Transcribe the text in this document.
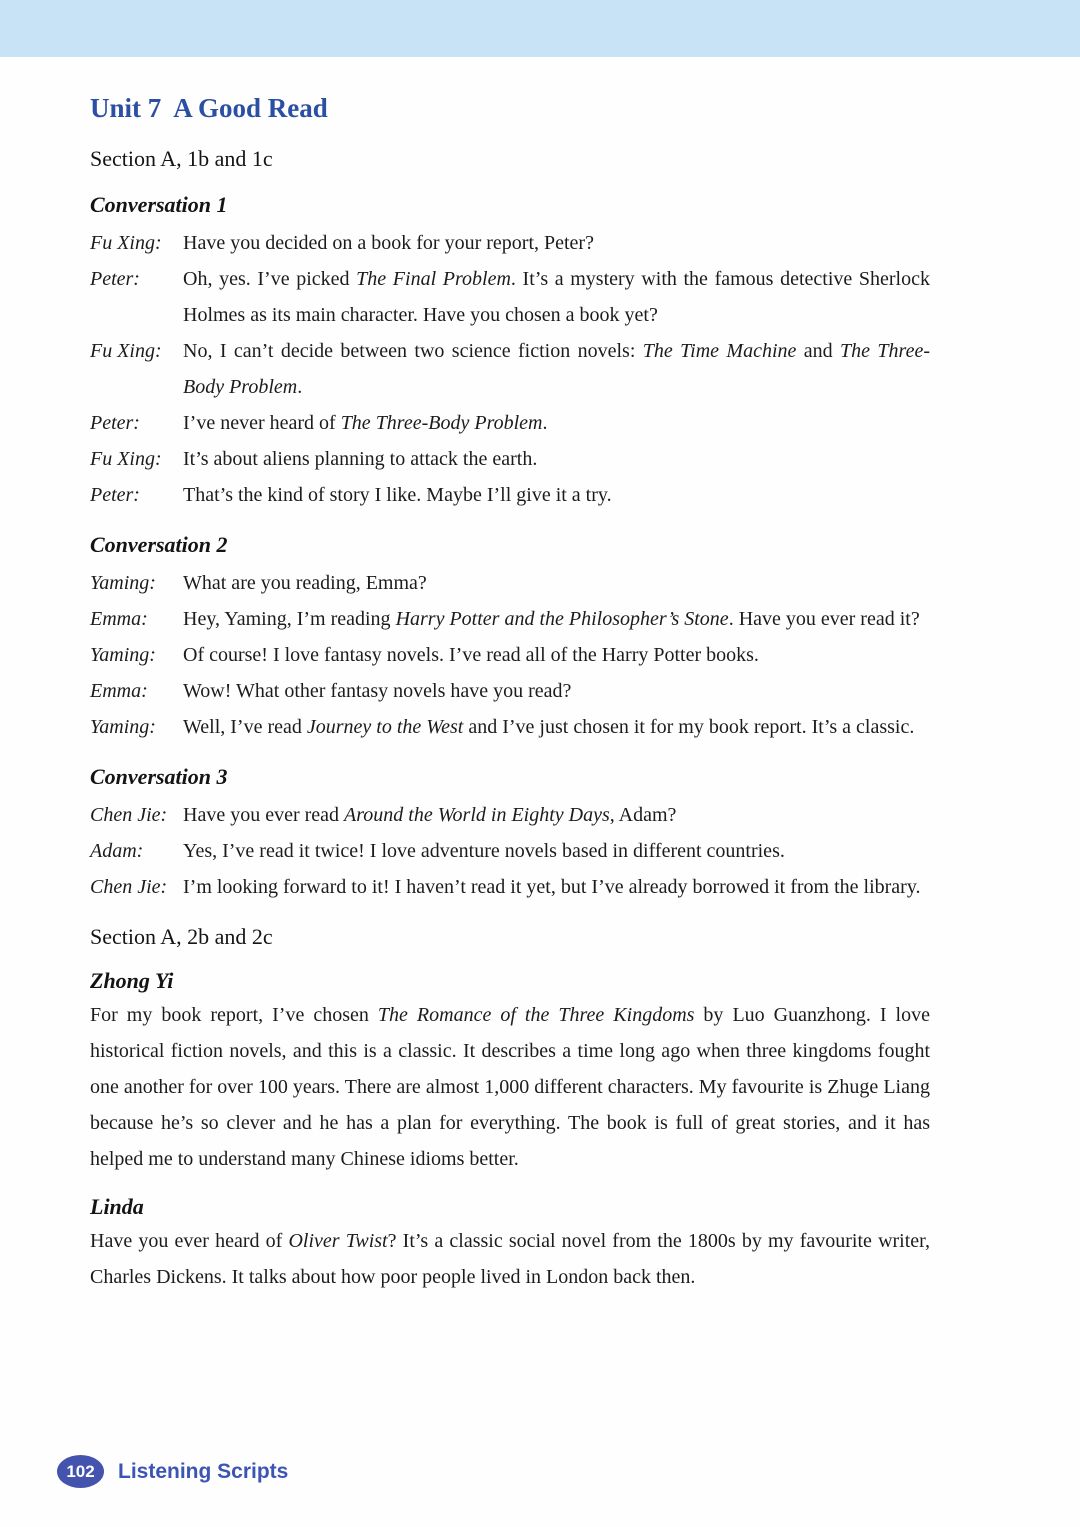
Unit 7  A Good Read
Section A, 1b and 1c
Conversation 1
Fu Xing:	Have you decided on a book for your report, Peter?
Peter:	Oh, yes. I’ve picked The Final Problem. It’s a mystery with the famous detective Sherlock Holmes as its main character. Have you chosen a book yet?
Fu Xing:	No, I can’t decide between two science fiction novels: The Time Machine and The Three-Body Problem.
Peter:	I’ve never heard of The Three-Body Problem.
Fu Xing:	It’s about aliens planning to attack the earth.
Peter:	That’s the kind of story I like. Maybe I’ll give it a try.
Conversation 2
Yaming:	What are you reading, Emma?
Emma:	Hey, Yaming, I’m reading Harry Potter and the Philosopher’s Stone. Have you ever read it?
Yaming:	Of course! I love fantasy novels. I’ve read all of the Harry Potter books.
Emma:	Wow! What other fantasy novels have you read?
Yaming:	Well, I’ve read Journey to the West and I’ve just chosen it for my book report. It’s a classic.
Conversation 3
Chen Jie: Have you ever read Around the World in Eighty Days, Adam?
Adam:	Yes, I’ve read it twice! I love adventure novels based in different countries.
Chen Jie: I’m looking forward to it! I haven’t read it yet, but I’ve already borrowed it from the library.
Section A, 2b and 2c
Zhong Yi

For my book report, I’ve chosen The Romance of the Three Kingdoms by Luo Guanzhong. I love historical fiction novels, and this is a classic. It describes a time long ago when three kingdoms fought one another for over 100 years. There are almost 1,000 different characters. My favourite is Zhuge Liang because he’s so clever and he has a plan for everything. The book is full of great stories, and it has helped me to understand many Chinese idioms better.

Linda

Have you ever heard of Oliver Twist? It’s a classic social novel from the 1800s by my favourite writer, Charles Dickens. It talks about how poor people lived in London back then.

102	Listening Scripts
